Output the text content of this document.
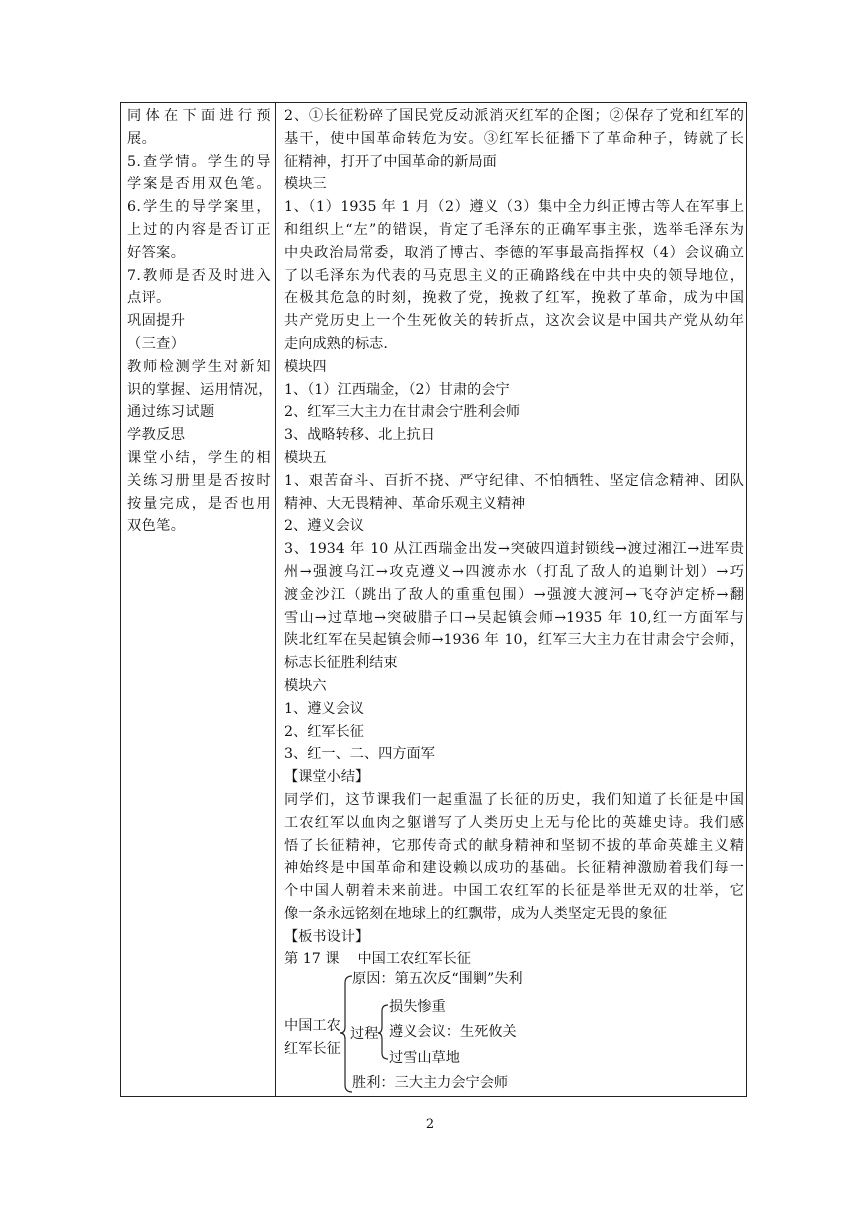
同体在下面进行预
展。
5.查学情。学生的导
学案是否用双色笔。
6.学生的导学案里，
上过的内容是否订正
好答案。
7.教师是否及时进入
点评。
巩固提升
（三查）
教师检测学生对新知
识的掌握、运用情况，
通过练习试题
学教反思
课堂小结，学生的相
关练习册里是否按时
按量完成，是否也用
双色笔。
2、①长征粉碎了国民党反动派消灭红军的企图；②保存了党和红军的
基干，使中国革命转危为安。③红军长征播下了革命种子，铸就了长
征精神，打开了中国革命的新局面
模块三
1、（1）1935 年 1 月（2）遵义（3）集中全力纠正博古等人在军事上
和组织上“左”的错误，肯定了毛泽东的正确军事主张，选举毛泽东为
中央政治局常委，取消了博古、李德的军事最高指挥权（4）会议确立
了以毛泽东为代表的马克思主义的正确路线在中共中央的领导地位，
在极其危急的时刻，挽救了党，挽救了红军，挽救了革命，成为中国
共产党历史上一个生死攸关的转折点，这次会议是中国共产党从幼年
走向成熟的标志.
模块四
1、（1）江西瑞金，（2）甘肃的会宁
2、红军三大主力在甘肃会宁胜利会师
3、战略转移、北上抗日
模块五
1、艰苦奋斗、百折不挠、严守纪律、不怕牺牲、坚定信念精神、团队
精神、大无畏精神、革命乐观主义精神
2、遵义会议
3、1934 年 10 从江西瑞金出发→突破四道封锁线→渡过湘江→进军贵
州→强渡乌江→攻克遵义→四渡赤水（打乱了敌人的追剿计划）→巧
渡金沙江（跳出了敌人的重重包围）→强渡大渡河→飞夺泸定桥→翻
雪山→过草地→突破腊子口→吴起镇会师→1935 年 10,红一方面军与
陕北红军在吴起镇会师→1936 年 10，红军三大主力在甘肃会宁会师，
标志长征胜利结束
模块六
1、遵义会议
2、红军长征
3、红一、二、四方面军
【课堂小结】
同学们，这节课我们一起重温了长征的历史，我们知道了长征是中国
工农红军以血肉之躯谱写了人类历史上无与伦比的英雄史诗。我们感
悟了长征精神，它那传奇式的献身精神和坚韧不拔的革命英雄主义精
神始终是中国革命和建设赖以成功的基础。长征精神激励着我们每一
个中国人朝着未来前进。中国工农红军的长征是举世无双的壮举，它
像一条永远铭刻在地球上的红飘带，成为人类坚定无畏的象征
【板书设计】
第 17 课    中国工农红军长征
中国工农
红军长征
原因：第五次反“围剿”失利
过程
损失惨重
遵义会议：生死攸关
过雪山草地
胜利：三大主力会宁会师
2
